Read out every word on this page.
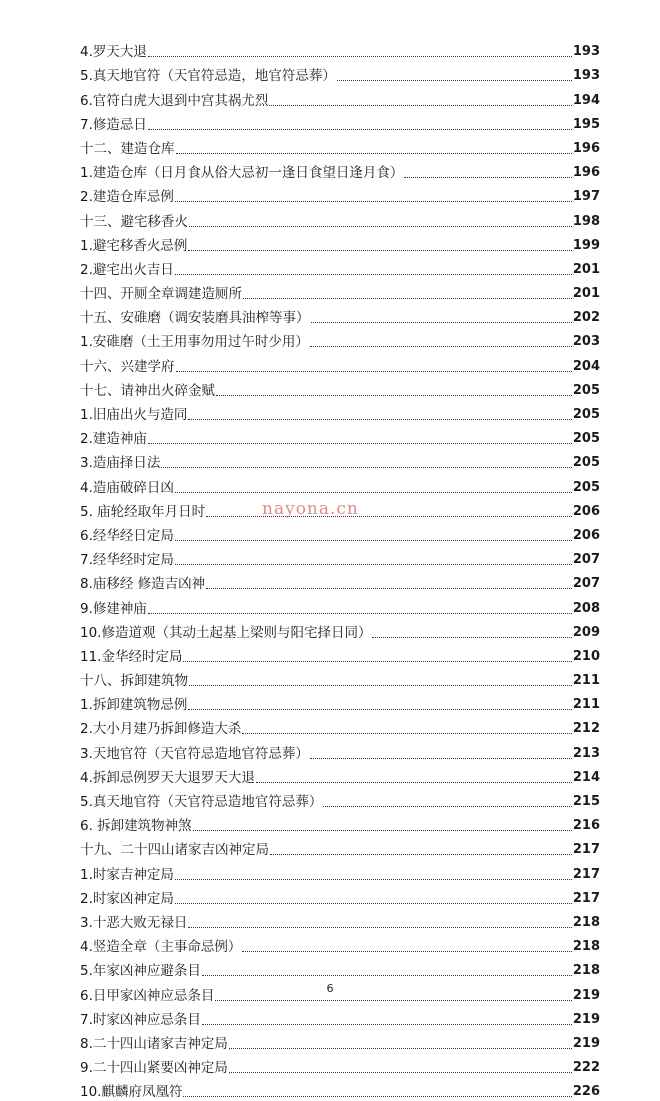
4.罗天大退	193
5.真天地官符（天官符忌造，地官符忌葬）	193
6.官符白虎大退到中宫其祸尤烈	194
7.修造忌日	195
十二、建造仓库	196
1.建造仓库（日月食从俗大忌初一逢日食望日逢月食）	196
2.建造仓库忌例	197
十三、避宅移香火	198
1.避宅移香火忌例	199
2.避宅出火吉日	201
十四、开厕全章调建造厕所	201
十五、安碓磨（调安装磨具油榨等事）	202
1.安碓磨（土王用事勿用过午时少用）	203
十六、兴建学府	204
十七、请神出火碎金赋	205
1.旧庙出火与造同	205
2.建造神庙	205
3.造庙择日法	205
4.造庙破碎日凶	205
5. 庙轮经取年月日时	206
6.经华经日定局	206
7.经华经时定局	207
8.庙移经 修造吉凶神	207
9.修建神庙	208
10.修造道观（其动土起基上梁则与阳宅择日同）	209
11.金华经时定局	210
十八、拆卸建筑物	211
1.拆卸建筑物忌例	211
2.大小月建乃拆卸修造大杀	212
3.天地官符（天官符忌造地官符忌葬）	213
4.拆卸忌例罗天大退罗天大退	214
5.真天地官符（天官符忌造地官符忌葬）	215
6. 拆卸建筑物神煞	216
十九、二十四山诸家吉凶神定局	217
1.时家吉神定局	217
2.时家凶神定局	217
3.十恶大败无禄日	218
4.竖造全章（主事命忌例）	218
5.年家凶神应避条目	218
6.日甲家凶神应忌条目	219
7.时家凶神应忌条目	219
8.二十四山诸家吉神定局	219
9.二十四山紧要凶神定局	222
10.麒麟府凤凰符	226
nayona.cn
6
